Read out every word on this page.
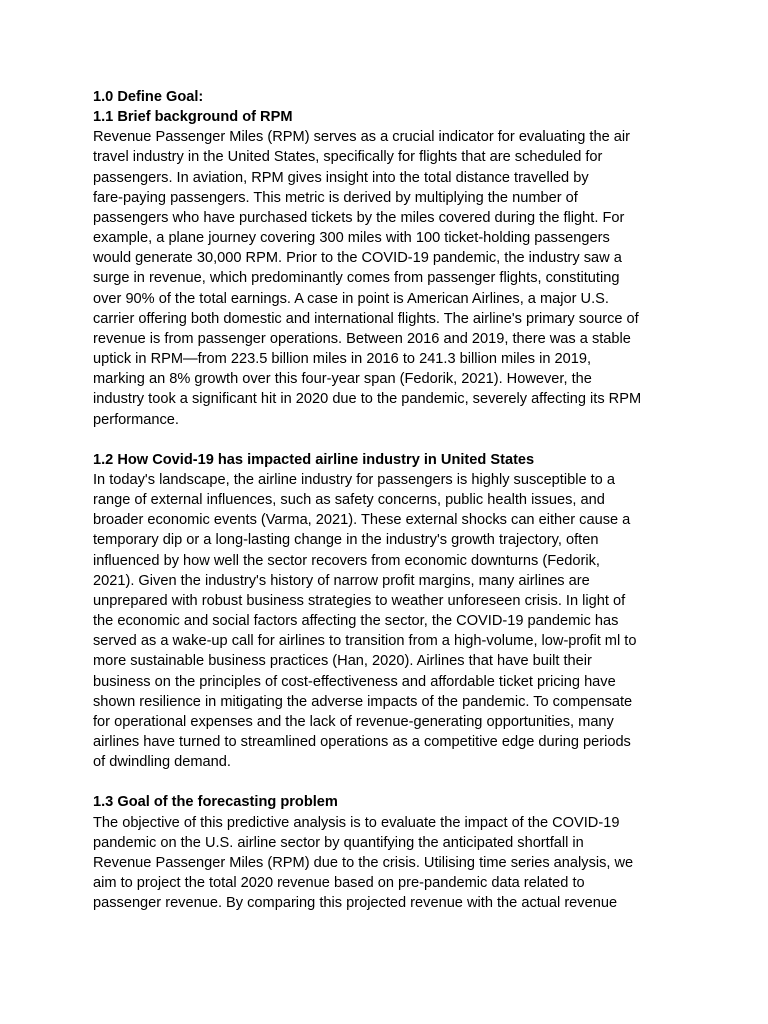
1.0 Define Goal:

1.1 Brief background of RPM

Revenue Passenger Miles (RPM) serves as a crucial indicator for evaluating the air
travel industry in the United States, specifically for flights that are scheduled for
passengers. In aviation, RPM gives insight into the total distance travelled by
fare-paying passengers. This metric is derived by multiplying the number of
passengers who have purchased tickets by the miles covered during the flight. For
example, a plane journey covering 300 miles with 100 ticket-holding passengers
would generate 30,000 RPM. Prior to the COVID-19 pandemic, the industry saw a
surge in revenue, which predominantly comes from passenger flights, constituting
over 90% of the total earnings. A case in point is American Airlines, a major U.S.
carrier offering both domestic and international flights. The airline's primary source of
revenue is from passenger operations. Between 2016 and 2019, there was a stable
uptick in RPM—from 223.5 billion miles in 2016 to 241.3 billion miles in 2019,
marking an 8% growth over this four-year span (Fedorik, 2021). However, the
industry took a significant hit in 2020 due to the pandemic, severely affecting its RPM
performance.

1.2 How Covid-19 has impacted airline industry in United States

In today's landscape, the airline industry for passengers is highly susceptible to a
range of external influences, such as safety concerns, public health issues, and
broader economic events (Varma, 2021). These external shocks can either cause a
temporary dip or a long-lasting change in the industry's growth trajectory, often
influenced by how well the sector recovers from economic downturns (Fedorik,
2021). Given the industry's history of narrow profit margins, many airlines are
unprepared with robust business strategies to weather unforeseen crisis. In light of
the economic and social factors affecting the sector, the COVID-19 pandemic has
served as a wake-up call for airlines to transition from a high-volume, low-profit ml to
more sustainable business practices (Han, 2020). Airlines that have built their
business on the principles of cost-effectiveness and affordable ticket pricing have
shown resilience in mitigating the adverse impacts of the pandemic. To compensate
for operational expenses and the lack of revenue-generating opportunities, many
airlines have turned to streamlined operations as a competitive edge during periods
of dwindling demand.

1.3 Goal of the forecasting problem

The objective of this predictive analysis is to evaluate the impact of the COVID-19
pandemic on the U.S. airline sector by quantifying the anticipated shortfall in
Revenue Passenger Miles (RPM) due to the crisis. Utilising time series analysis, we
aim to project the total 2020 revenue based on pre-pandemic data related to
passenger revenue. By comparing this projected revenue with the actual revenue
